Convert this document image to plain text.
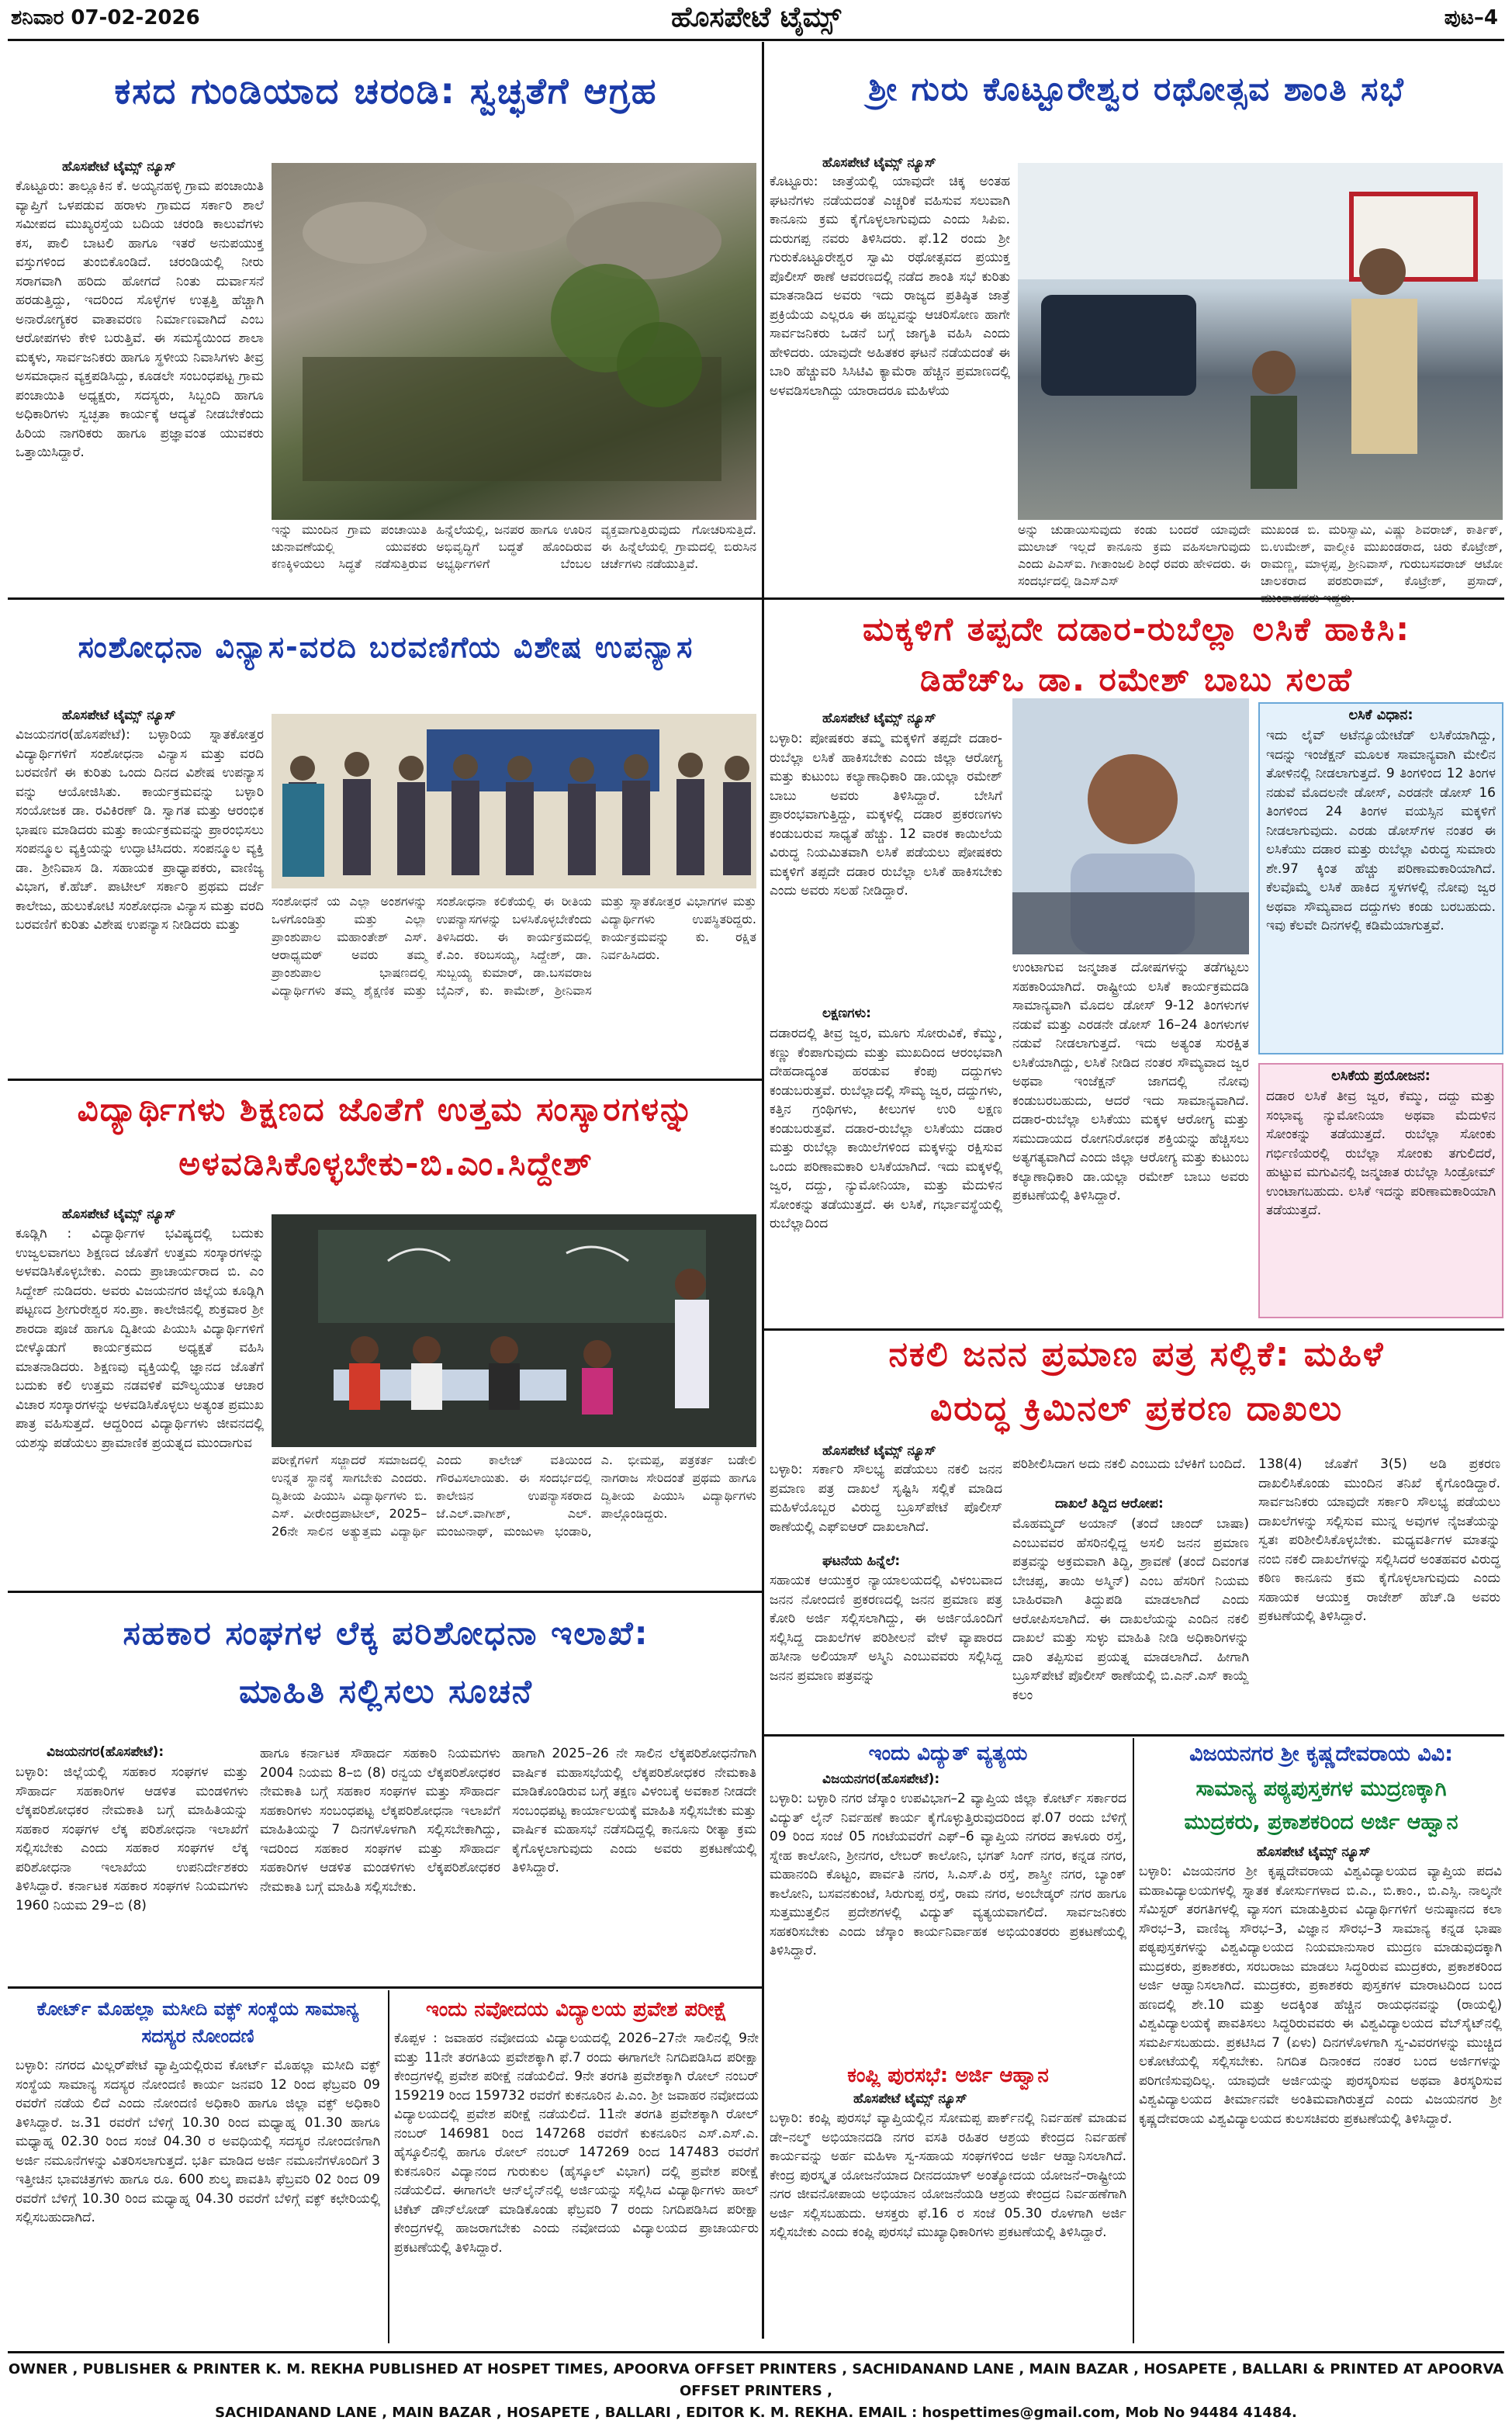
ಶನಿವಾರ 07-02-2026	ಹೊಸಪೇಟೆ ಟೈಮ್ಸ್	ಪುಟ–4
ಕಸದ ಗುಂಡಿಯಾದ ಚರಂಡಿ: ಸ್ವಚ್ಛತೆಗೆ ಆಗ್ರಹ
ಹೊಸಪೇಟೆ ಟೈಮ್ಸ್ ನ್ಯೂಸ್
ಕೊಟ್ಟೂರು: ತಾಲ್ಲೂಕಿನ ಕೆ. ಅಯ್ಯನಹಳ್ಳಿ ಗ್ರಾಮ ಪಂಚಾಯಿತಿ ವ್ಯಾಪ್ತಿಗೆ ಒಳಪಡುವ ಹರಾಳು ಗ್ರಾಮದ ಸರ್ಕಾರಿ ಶಾಲೆ ಸಮೀಪದ ಮುಖ್ಯರಸ್ತೆಯ ಬದಿಯ ಚರಂಡಿ ಕಾಲುವೆಗಳು ಕಸ, ಪಾಲಿ ಬಾಟಲಿ ಹಾಗೂ ಇತರೆ ಅನುಪಯುಕ್ತ ವಸ್ತುಗಳಿಂದ ತುಂಬಿಕೊಂಡಿದೆ. ಚರಂಡಿಯಲ್ಲಿ ನೀರು ಸರಾಗವಾಗಿ ಹರಿದು ಹೋಗದೆ ನಿಂತು ದುರ್ವಾಸನೆ ಹರಡುತ್ತಿದ್ದು, ಇದರಿಂದ ಸೊಳ್ಳೆಗಳ ಉತ್ಪತ್ತಿ ಹೆಚ್ಚಾಗಿ ಅನಾರೋಗ್ಯಕರ ವಾತಾವರಣ ನಿರ್ಮಾಣವಾಗಿದೆ ಎಂಬ ಆರೋಪಗಳು ಕೇಳಿ ಬರುತ್ತಿವೆ. ಈ ಸಮಸ್ಯೆಯಿಂದ ಶಾಲಾ ಮಕ್ಕಳು, ಸಾರ್ವಜನಿಕರು ಹಾಗೂ ಸ್ಥಳೀಯ ನಿವಾಸಿಗಳು ತೀವ್ರ ಅಸಮಾಧಾನ ವ್ಯಕ್ತಪಡಿಸಿದ್ದು, ಕೂಡಲೇ ಸಂಬಂಧಪಟ್ಟ ಗ್ರಾಮ ಪಂಚಾಯಿತಿ ಅಧ್ಯಕ್ಷರು, ಸದಸ್ಯರು, ಸಿಬ್ಬಂದಿ ಹಾಗೂ ಅಧಿಕಾರಿಗಳು ಸ್ವಚ್ಛತಾ ಕಾರ್ಯಕ್ಕೆ ಆದ್ಯತೆ ನೀಡಬೇಕೆಂದು ಹಿರಿಯ ನಾಗರಿಕರು ಹಾಗೂ ಪ್ರಜ್ಞಾವಂತ ಯುವಕರು ಒತ್ತಾಯಿಸಿದ್ದಾರೆ.
ಇನ್ನು ಮುಂದಿನ ಗ್ರಾಮ ಪಂಚಾಯಿತಿ ಚುನಾವಣೆಯಲ್ಲಿ ಯುವಕರು ಕಣಕ್ಕಿಳಿಯಲು ಸಿದ್ಧತೆ ನಡೆಸುತ್ತಿರುವ ಹಿನ್ನೆಲೆಯಲ್ಲಿ, ಜನಪರ ಹಾಗೂ ಊರಿನ ಅಭಿವೃದ್ಧಿಗೆ ಬದ್ಧತೆ ಹೊಂದಿರುವ ಅಭ್ಯರ್ಥಿಗಳಿಗೆ ಬೆಂಬಲ ವ್ಯಕ್ತವಾಗುತ್ತಿರುವುದು ಗೋಚರಿಸುತ್ತಿದೆ. ಈ ಹಿನ್ನೆಲೆಯಲ್ಲಿ ಗ್ರಾಮದಲ್ಲಿ ಬಿರುಸಿನ ಚರ್ಚೆಗಳು ನಡೆಯುತ್ತಿವೆ.
ಶ್ರೀ ಗುರು ಕೊಟ್ಟೂರೇಶ್ವರ ರಥೋತ್ಸವ ಶಾಂತಿ ಸಭೆ
ಹೊಸಪೇಟೆ ಟೈಮ್ಸ್ ನ್ಯೂಸ್
ಕೊಟ್ಟೂರು: ಜಾತ್ರೆಯಲ್ಲಿ ಯಾವುದೇ ಚಿಕ್ಕ ಅಂತಹ ಘಟನೆಗಳು ನಡೆಯದಂತೆ ಎಚ್ಚರಿಕೆ ವಹಿಸುವ ಸಲುವಾಗಿ ಕಾನೂನು ಕ್ರಮ ಕೈಗೊಳ್ಳಲಾಗುವುದು ಎಂದು ಸಿಪಿಐ. ದುರುಗಪ್ಪ ನವರು ತಿಳಿಸಿದರು. ಫೆ.12 ರಂದು ಶ್ರೀ ಗುರುಕೊಟ್ಟೂರೇಶ್ವರ ಸ್ವಾಮಿ ರಥೋತ್ಸವದ ಪ್ರಯುಕ್ತ ಪೊಲೀಸ್ ಠಾಣೆ ಆವರಣದಲ್ಲಿ ನಡೆದ ಶಾಂತಿ ಸಭೆ ಕುರಿತು ಮಾತನಾಡಿದ ಅವರು ಇದು ರಾಜ್ಯದ ಪ್ರತಿಷ್ಠಿತ ಜಾತ್ರೆ ಪ್ರಕ್ರಿಯೆಯ ಎಲ್ಲರೂ ಈ ಹಬ್ಬವನ್ನು ಆಚರಿಸೋಣ ಹಾಗೇ ಸಾರ್ವಜನಿಕರು ಒಡನೆ ಬಗ್ಗೆ ಜಾಗೃತಿ ವಹಿಸಿ ಎಂದು ಹೇಳಿದರು. ಯಾವುದೇ ಅಹಿತಕರ ಘಟನೆ ನಡೆಯದಂತೆ ಈ ಬಾರಿ ಹೆಚ್ಚುವರಿ ಸಿಸಿಟಿವಿ ಕ್ಯಾಮೆರಾ ಹೆಚ್ಚಿನ ಪ್ರಮಾಣದಲ್ಲಿ ಅಳವಡಿಸಲಾಗಿದ್ದು ಯಾರಾದರೂ ಮಹಿಳೆಯ
ಅನ್ನು ಚುಡಾಯಿಸುವುದು ಕಂಡು ಬಂದರೆ ಯಾವುದೇ ಮುಲಾಜ್ ಇಲ್ಲದೆ ಕಾನೂನು ಕ್ರಮ ವಹಿಸಲಾಗುವುದು ಎಂದು ಪಿಎಸ್ಐ. ಗೀತಾಂಜಲಿ ಶಿಂಧೆ ರವರು ಹೇಳಿದರು. ಈ ಸಂದರ್ಭದಲ್ಲಿ ಡಿಎಸ್ಎಸ್
ಮುಖಂಡ ಬಿ. ಮರಿಸ್ವಾಮಿ, ವಿಷ್ಣು ಶಿವರಾಜ್, ಕಾರ್ತಿಕ್, ಬಿ.ಉಮೇಶ್, ವಾಲ್ಮೀಕಿ ಮುಖಂಡರಾದ, ಚಿರು ಕೊಟ್ರೇಶ್, ರಾಮಣ್ಣ, ಮಾಳ್ಳಪ್ಪ, ಶ್ರೀನಿವಾಸ್, ಗುರುಬಸವರಾಜ್ ಆಟೋ ಚಾಲಕರಾದ ಪರಶುರಾಮ್, ಕೊಟ್ರೇಶ್, ಪ್ರಸಾದ್,
ಮಕ್ಕಳಿಗೆ ತಪ್ಪದೇ ದಡಾರ-ರುಬೆಲ್ಲಾ ಲಸಿಕೆ ಹಾಕಿಸಿ:
ಡಿಹೆಚ್‌ಒ ಡಾ. ರಮೇಶ್ ಬಾಬು ಸಲಹೆ
ಹೊಸಪೇಟೆ ಟೈಮ್ಸ್ ನ್ಯೂಸ್
ಬಳ್ಳಾರಿ: ಪೋಷಕರು ತಮ್ಮ ಮಕ್ಕಳಿಗೆ ತಪ್ಪದೇ ದಡಾರ-ರುಬೆಲ್ಲಾ ಲಸಿಕೆ ಹಾಕಿಸಬೇಕು ಎಂದು ಜಿಲ್ಲಾ ಆರೋಗ್ಯ ಮತ್ತು ಕುಟುಂಬ ಕಲ್ಯಾಣಾಧಿಕಾರಿ ಡಾ.ಯಲ್ಲಾ ರಮೇಶ್ ಬಾಬು ಅವರು ತಿಳಿಸಿದ್ದಾರೆ. ಬೇಸಿಗೆ ಪ್ರಾರಂಭವಾಗುತ್ತಿದ್ದು, ಮಕ್ಕಳಲ್ಲಿ ದಡಾರ ಪ್ರಕರಣಗಳು ಕಂಡುಬರುವ ಸಾಧ್ಯತೆ ಹೆಚ್ಚು. 12 ವಾರಕ ಕಾಯಿಲೆಯ ವಿರುದ್ಧ ನಿಯಮಿತವಾಗಿ ಲಸಿಕೆ ಪಡೆಯಲು ಪೋಷಕರು ಮಕ್ಕಳಿಗೆ ತಪ್ಪದೇ ದಡಾರ ರುಬೆಲ್ಲಾ ಲಸಿಕೆ ಹಾಕಿಸಬೇಕು ಎಂದು ಅವರು ಸಲಹೆ ನೀಡಿದ್ದಾರೆ.
ಲಕ್ಷಣಗಳು:
ದಡಾರದಲ್ಲಿ ತೀವ್ರ ಜ್ವರ, ಮೂಗು ಸೋರುವಿಕೆ, ಕೆಮ್ಮು, ಕಣ್ಣು ಕೆಂಪಾಗುವುದು ಮತ್ತು ಮುಖದಿಂದ ಆರಂಭವಾಗಿ ದೇಹದಾದ್ಯಂತ ಹರಡುವ ಕೆಂಪು ದದ್ದುಗಳು ಕಂಡುಬರುತ್ತವೆ. ರುಬೆಲ್ಲಾದಲ್ಲಿ ಸೌಮ್ಯ ಜ್ವರ, ದದ್ದುಗಳು, ಕತ್ತಿನ ಗ್ರಂಥಿಗಳು, ಕೀಲುಗಳ ಉರಿ ಲಕ್ಷಣ ಕಂಡುಬರುತ್ತವೆ. ದಡಾರ-ರುಬೆಲ್ಲಾ ಲಸಿಕೆಯು ದಡಾರ ಮತ್ತು ರುಬೆಲ್ಲಾ ಕಾಯಿಲೆಗಳಿಂದ ಮಕ್ಕಳನ್ನು ರಕ್ಷಿಸುವ ಒಂದು ಪರಿಣಾಮಕಾರಿ ಲಸಿಕೆಯಾಗಿದೆ. ಇದು ಮಕ್ಕಳಲ್ಲಿ ಜ್ವರ, ದದ್ದು, ನ್ಯುಮೋನಿಯಾ, ಮತ್ತು ಮೆದುಳಿನ ಸೋಂಕನ್ನು ತಡೆಯುತ್ತದೆ. ಈ ಲಸಿಕೆ, ಗರ್ಭಾವಸ್ಥೆಯಲ್ಲಿ ರುಬೆಲ್ಲಾದಿಂದ
ಉಂಟಾಗುವ ಜನ್ಮಜಾತ ದೋಷಗಳನ್ನು ತಡೆಗಟ್ಟಲು ಸಹಕಾರಿಯಾಗಿದೆ. ರಾಷ್ಟ್ರೀಯ ಲಸಿಕೆ ಕಾರ್ಯಕ್ರಮದಡಿ ಸಾಮಾನ್ಯವಾಗಿ ಮೊದಲ ಡೋಸ್ 9-12 ತಿಂಗಳುಗಳ ನಡುವೆ ಮತ್ತು ಎರಡನೇ ಡೋಸ್ 16–24 ತಿಂಗಳುಗಳ ನಡುವೆ ನೀಡಲಾಗುತ್ತದೆ. ಇದು ಅತ್ಯಂತ ಸುರಕ್ಷಿತ ಲಸಿಕೆಯಾಗಿದ್ದು, ಲಸಿಕೆ ನೀಡಿದ ನಂತರ ಸೌಮ್ಯವಾದ ಜ್ವರ ಅಥವಾ ಇಂಜೆಕ್ಷನ್ ಜಾಗದಲ್ಲಿ ನೋವು ಕಂಡುಬರಬಹುದು, ಆದರೆ ಇದು ಸಾಮಾನ್ಯವಾಗಿದೆ. ದಡಾರ-ರುಬೆಲ್ಲಾ ಲಸಿಕೆಯು ಮಕ್ಕಳ ಆರೋಗ್ಯ ಮತ್ತು ಸಮುದಾಯದ ರೋಗನಿರೋಧಕ ಶಕ್ತಿಯನ್ನು ಹೆಚ್ಚಿಸಲು ಅತ್ಯಗತ್ಯವಾಗಿದೆ ಎಂದು ಜಿಲ್ಲಾ ಆರೋಗ್ಯ ಮತ್ತು ಕುಟುಂಬ ಕಲ್ಯಾಣಾಧಿಕಾರಿ ಡಾ.ಯಲ್ಲಾ ರಮೇಶ್ ಬಾಬು ಅವರು ಪ್ರಕಟಣೆಯಲ್ಲಿ ತಿಳಿಸಿದ್ದಾರೆ.
ಲಸಿಕೆ ವಿಧಾನ:
ಇದು ಲೈವ್ ಅಟೆನ್ಯೂಯೇಟೆಡ್ ಲಸಿಕೆಯಾಗಿದ್ದು, ಇದನ್ನು ಇಂಜೆಕ್ಷನ್ ಮೂಲಕ ಸಾಮಾನ್ಯವಾಗಿ ಮೇಲಿನ ತೋಳಿನಲ್ಲಿ ನೀಡಲಾಗುತ್ತದೆ. 9 ತಿಂಗಳಿಂದ 12 ತಿಂಗಳ ನಡುವೆ ಮೊದಲನೇ ಡೋಸ್, ಎರಡನೇ ಡೋಸ್ 16 ತಿಂಗಳಿಂದ 24 ತಿಂಗಳ ವಯಸ್ಸಿನ ಮಕ್ಕಳಿಗೆ ನೀಡಲಾಗುವುದು. ಎರಡು ಡೋಸ್‌ಗಳ ನಂತರ ಈ ಲಸಿಕೆಯು ದಡಾರ ಮತ್ತು ರುಬೆಲ್ಲಾ ವಿರುದ್ಧ ಸುಮಾರು ಶೇ.97 ಕ್ಕಿಂತ ಹೆಚ್ಚು ಪರಿಣಾಮಕಾರಿಯಾಗಿದೆ. ಕೆಲವೊಮ್ಮೆ ಲಸಿಕೆ ಹಾಕಿದ ಸ್ಥಳಗಳಲ್ಲಿ ನೋವು ಜ್ವರ ಅಥವಾ ಸೌಮ್ಯವಾದ ದದ್ದುಗಳು ಕಂಡು ಬರಬಹುದು. ಇವು ಕೆಲವೇ ದಿನಗಳಲ್ಲಿ ಕಡಿಮೆಯಾಗುತ್ತವೆ.
ಲಸಿಕೆಯ ಪ್ರಯೋಜನ:
ದಡಾರ ಲಸಿಕೆ ತೀವ್ರ ಜ್ವರ, ಕೆಮ್ಮು, ದದ್ದು ಮತ್ತು ಸಂಭಾವ್ಯ ನ್ಯುಮೋನಿಯಾ ಅಥವಾ ಮೆದುಳಿನ ಸೋಂಕನ್ನು ತಡೆಯುತ್ತದೆ. ರುಬೆಲ್ಲಾ ಸೋಂಕು ಗರ್ಭಿಣಿಯರಲ್ಲಿ ರುಬೆಲ್ಲಾ ಸೋಂಕು ತಗುಲಿದರೆ, ಹುಟ್ಟುವ ಮಗುವಿನಲ್ಲಿ ಜನ್ಮಜಾತ ರುಬೆಲ್ಲಾ ಸಿಂಡ್ರೋಮ್ ಉಂಟಾಗಬಹುದು. ಲಸಿಕೆ ಇದನ್ನು ಪರಿಣಾಮಕಾರಿಯಾಗಿ ತಡೆಯುತ್ತದೆ.
ಸಂಶೋಧನಾ ವಿನ್ಯಾಸ-ವರದಿ ಬರವಣಿಗೆಯ ವಿಶೇಷ ಉಪನ್ಯಾಸ
ಹೊಸಪೇಟೆ ಟೈಮ್ಸ್ ನ್ಯೂಸ್
ವಿಜಯನಗರ(ಹೊಸಪೇಟೆ): ಬಳ್ಳಾರಿಯ ಸ್ನಾತಕೋತ್ತರ ವಿದ್ಯಾರ್ಥಿಗಳಿಗೆ ಸಂಶೋಧನಾ ವಿನ್ಯಾಸ ಮತ್ತು ವರದಿ ಬರವಣಿಗೆ ಈ ಕುರಿತು ಒಂದು ದಿನದ ವಿಶೇಷ ಉಪನ್ಯಾಸ ವನ್ನು ಆಯೋಜಿಸಿತು. ಕಾರ್ಯಕ್ರಮವನ್ನು ಬಳ್ಳಾರಿ ಸಂಯೋಜಕ ಡಾ. ರವಿಕಿರಣ್ ಡಿ. ಸ್ವಾಗತ ಮತ್ತು ಆರಂಭಿಕ ಭಾಷಣ ಮಾಡಿದರು ಮತ್ತು ಕಾರ್ಯಕ್ರಮವನ್ನು ಪ್ರಾರಂಭಿಸಲು ಸಂಪನ್ಮೂಲ ವ್ಯಕ್ತಿಯನ್ನು ಉದ್ಘಾಟಿಸಿದರು. ಸಂಪನ್ಮೂಲ ವ್ಯಕ್ತಿ ಡಾ. ಶ್ರೀನಿವಾಸ ಡಿ. ಸಹಾಯಕ ಪ್ರಾಧ್ಯಾಪಕರು, ವಾಣಿಜ್ಯ ವಿಭಾಗ, ಕೆ.ಹೆಚ್. ಪಾಟೀಲ್ ಸರ್ಕಾರಿ ಪ್ರಥಮ ದರ್ಜೆ ಕಾಲೇಜು, ಹುಲುಕೋಟಿ ಸಂಶೋಧನಾ ವಿನ್ಯಾಸ ಮತ್ತು ವರದಿ ಬರವಣಿಗೆ ಕುರಿತು ವಿಶೇಷ ಉಪನ್ಯಾಸ ನೀಡಿದರು ಮತ್ತು
ಸಂಶೋಧನೆ ಯ ಎಲ್ಲಾ ಅಂಶಗಳನ್ನು ಒಳಗೊಂಡಿತ್ತು ಮತ್ತು ಎಲ್ಲಾ ಪ್ರಾಂಶುಪಾಲ ಮಹಾಂತೇಶ್ ಎಸ್. ಆರಾಧ್ಯಮಠ್ ಅವರು ತಮ್ಮ ಪ್ರಾಂಶುಪಾಲ ಭಾಷಣದಲ್ಲಿ ವಿದ್ಯಾರ್ಥಿಗಳು ತಮ್ಮ ಶೈಕ್ಷಣಿಕ ಮತ್ತು ಸಂಶೋಧನಾ ಕಲಿಕೆಯಲ್ಲಿ ಈ ರೀತಿಯ ಉಪನ್ಯಾಸಗಳನ್ನು ಬಳಸಿಕೊಳ್ಳಬೇಕೆಂದು ತಿಳಿಸಿದರು. ಈ ಕಾರ್ಯಕ್ರಮದಲ್ಲಿ ಕೆ.ಎಂ. ಕರಿಬಸಯ್ಯ, ಸಿದ್ದೇಶ್, ಡಾ. ಸುಬ್ಬಯ್ಯ ಕುಮಾರ್, ಡಾ.ಬಸವರಾಜ ಬೈಎನ್, ಕು. ಕಾಮೇಶ್, ಶ್ರೀನಿವಾಸ ಮತ್ತು ಸ್ನಾತಕೋತ್ತರ ವಿಭಾಗಗಳ ಮತ್ತು ವಿದ್ಯಾರ್ಥಿಗಳು ಉಪಸ್ಥಿತರಿದ್ದರು. ಕಾರ್ಯಕ್ರಮವನ್ನು ಕು. ರಕ್ಷಿತ ನಿರ್ವಹಿಸಿದರು.
ವಿದ್ಯಾರ್ಥಿಗಳು ಶಿಕ್ಷಣದ ಜೊತೆಗೆ ಉತ್ತಮ ಸಂಸ್ಕಾರಗಳನ್ನು
ಅಳವಡಿಸಿಕೊಳ್ಳಬೇಕು-ಬಿ.ಎಂ.ಸಿದ್ದೇಶ್
ಹೊಸಪೇಟೆ ಟೈಮ್ಸ್ ನ್ಯೂಸ್
ಕೂಡ್ಲಿಗಿ : ವಿದ್ಯಾರ್ಥಿಗಳ ಭವಿಷ್ಯದಲ್ಲಿ ಬದುಕು ಉಜ್ವಲವಾಗಲು ಶಿಕ್ಷಣದ ಜೊತೆಗೆ ಉತ್ತಮ ಸಂಸ್ಕಾರಗಳನ್ನು ಅಳವಡಿಸಿಕೊಳ್ಳಬೇಕು. ಎಂದು ಪ್ರಾಚಾರ್ಯರಾದ ಬಿ. ಎಂ ಸಿದ್ದೇಶ್ ನುಡಿದರು. ಅವರು ವಿಜಯನಗರ ಜಿಲ್ಲೆಯ ಕೂಡ್ಲಿಗಿ ಪಟ್ಟಣದ ಶ್ರೀಗುರೇಶ್ವರ ಸಂ.ಪ್ರಾ. ಕಾಲೇಜಿನಲ್ಲಿ ಶುಕ್ರವಾರ ಶ್ರೀ ಶಾರದಾ ಪೂಜೆ ಹಾಗೂ ದ್ವಿತೀಯ ಪಿಯುಸಿ ವಿದ್ಯಾರ್ಥಿಗಳಿಗೆ ಬೀಳ್ಕೊಡುಗೆ ಕಾರ್ಯಕ್ರಮದ ಅಧ್ಯಕ್ಷತೆ ವಹಿಸಿ ಮಾತನಾಡಿದರು. ಶಿಕ್ಷಣವು ವ್ಯಕ್ತಿಯಲ್ಲಿ ಜ್ಞಾನದ ಜೊತೆಗೆ ಬದುಕು ಕಲಿ ಉತ್ತಮ ನಡವಳಿಕೆ ಮೌಲ್ಯಯುತ ಆಚಾರ ವಿಚಾರ ಸಂಸ್ಕಾರಗಳನ್ನು ಅಳವಡಿಸಿಕೊಳ್ಳಲು ಅತ್ಯಂತ ಪ್ರಮುಖ ಪಾತ್ರ ವಹಿಸುತ್ತದೆ. ಆದ್ದರಿಂದ ವಿದ್ಯಾರ್ಥಿಗಳು ಜೀವನದಲ್ಲಿ ಯಶಸ್ಸು ಪಡೆಯಲು ಪ್ರಾಮಾಣಿಕ ಪ್ರಯತ್ನದ ಮುಂದಾಗುವ
ಪರೀಕ್ಷೆಗಳಿಗೆ ಸಜ್ಜಾದರೆ ಸಮಾಜದಲ್ಲಿ ಉನ್ನತ ಸ್ಥಾನಕ್ಕೆ ಸಾಗಬೇಕು ಎಂದರು. ದ್ವಿತೀಯ ಪಿಯುಸಿ ವಿದ್ಯಾರ್ಥಿಗಳು ಬಿ. ಎಸ್. ವೀರೇಂದ್ರಪಾಟೀಲ್, 2025–26ನೇ ಸಾಲಿನ ಅತ್ಯುತ್ತಮ ವಿದ್ಯಾರ್ಥಿ ಎಂದು ಕಾಲೇಜ್ ವತಿಯಿಂದ ಗೌರವಿಸಲಾಯಿತು. ಈ ಸಂದರ್ಭದಲ್ಲಿ ಕಾಲೇಜಿನ ಉಪನ್ಯಾಸಕರಾದ ಜೆ.ಎಲ್.ವಾಗೀಶ್, ಎಲ್. ಮಂಜುನಾಥ್, ಮಂಜುಳಾ ಭಂಡಾರಿ, ಎ. ಭೀಮಪ್ಪ, ಪತ್ರಕರ್ತ ಬಡೇಲಿ ನಾಗರಾಜ ಸೇರಿದಂತೆ ಪ್ರಥಮ ಹಾಗೂ ದ್ವಿತೀಯ ಪಿಯುಸಿ ವಿದ್ಯಾರ್ಥಿಗಳು ಪಾಲ್ಗೊಂಡಿದ್ದರು.
ನಕಲಿ ಜನನ ಪ್ರಮಾಣ ಪತ್ರ ಸಲ್ಲಿಕೆ: ಮಹಿಳೆ
ವಿರುದ್ಧ ಕ್ರಿಮಿನಲ್ ಪ್ರಕರಣ ದಾಖಲು
ಹೊಸಪೇಟೆ ಟೈಮ್ಸ್ ನ್ಯೂಸ್
ಬಳ್ಳಾರಿ: ಸರ್ಕಾರಿ ಸೌಲಭ್ಯ ಪಡೆಯಲು ನಕಲಿ ಜನನ ಪ್ರಮಾಣ ಪತ್ರ ದಾಖಲೆ ಸೃಷ್ಟಿಸಿ ಸಲ್ಲಿಕೆ ಮಾಡಿದ ಮಹಿಳೆಯೊಬ್ಬರ ವಿರುದ್ಧ ಬ್ರೂಸ್‌ಪೇಟೆ ಪೊಲೀಸ್ ಠಾಣೆಯಲ್ಲಿ ಎಫ್‌ಐಆರ್ ದಾಖಲಾಗಿದೆ.
ಘಟನೆಯ ಹಿನ್ನೆಲೆ:
ಸಹಾಯಕ ಆಯುಕ್ತರ ನ್ಯಾಯಾಲಯದಲ್ಲಿ ವಿಳಂಬವಾದ ಜನನ ನೋಂದಣಿ ಪ್ರಕರಣದಲ್ಲಿ ಜನನ ಪ್ರಮಾಣ ಪತ್ರ ಕೋರಿ ಅರ್ಜಿ ಸಲ್ಲಿಸಲಾಗಿದ್ದು, ಈ ಅರ್ಜಿಯೊಂದಿಗೆ ಸಲ್ಲಿಸಿದ್ದ ದಾಖಲೆಗಳ ಪರಿಶೀಲನೆ ವೇಳೆ ವ್ಯಾಪಾರದ ಹಸೀನಾ ಅಲಿಯಾಸ್ ಅಸ್ಮಿನಿ ಎಂಬುವವರು ಸಲ್ಲಿಸಿದ್ದ ಜನನ ಪ್ರಮಾಣ ಪತ್ರವನ್ನು
ಪರಿಶೀಲಿಸಿದಾಗ ಅದು ನಕಲಿ ಎಂಬುದು ಬೆಳಕಿಗೆ ಬಂದಿದೆ.
ದಾಖಲೆ ತಿದ್ದಿದ ಆರೋಪ:
ಮೊಹಮ್ಮದ್ ಅಯಾನ್ (ತಂದೆ ಚಾಂದ್ ಬಾಷಾ) ಎಂಬುವವರ ಹೆಸರಿನಲ್ಲಿದ್ದ ಅಸಲಿ ಜನನ ಪ್ರಮಾಣ ಪತ್ರವನ್ನು ಅಕ್ರಮವಾಗಿ ತಿದ್ದಿ, ಶ್ರಾವಣೆ (ತಂದೆ ದಿವಂಗತ ಬೇಚಪ್ಪ, ತಾಯಿ ಅಸ್ಮಿನ್) ಎಂಬ ಹೆಸರಿಗೆ ನಿಯಮ ಬಾಹಿರವಾಗಿ ತಿದ್ದುಪಡಿ ಮಾಡಲಾಗಿದೆ ಎಂದು ಆರೋಪಿಸಲಾಗಿದೆ. ಈ ದಾಖಲೆಯನ್ನು ಎಂದಿನ ನಕಲಿ ದಾಖಲೆ ಮತ್ತು ಸುಳ್ಳು ಮಾಹಿತಿ ನೀಡಿ ಅಧಿಕಾರಿಗಳನ್ನು ದಾರಿ ತಪ್ಪಿಸುವ ಪ್ರಯತ್ನ ಮಾಡಲಾಗಿದೆ. ಹೀಗಾಗಿ ಬ್ರೂಸ್‌ಪೇಟೆ ಪೊಲೀಸ್ ಠಾಣೆಯಲ್ಲಿ ಬಿ.ಎನ್.ಎಸ್ ಕಾಯ್ದೆ ಕಲಂ
138(4) ಜೊತೆಗೆ 3(5) ಅಡಿ ಪ್ರಕರಣ ದಾಖಲಿಸಿಕೊಂಡು ಮುಂದಿನ ತನಿಖೆ ಕೈಗೊಂಡಿದ್ದಾರೆ. ಸಾರ್ವಜನಿಕರು ಯಾವುದೇ ಸರ್ಕಾರಿ ಸೌಲಭ್ಯ ಪಡೆಯಲು ದಾಖಲೆಗಳನ್ನು ಸಲ್ಲಿಸುವ ಮುನ್ನ ಅವುಗಳ ನೈಜತೆಯನ್ನು ಸ್ವತಃ ಪರಿಶೀಲಿಸಿಕೊಳ್ಳಬೇಕು. ಮಧ್ಯವರ್ತಿಗಳ ಮಾತನ್ನು ನಂಬಿ ನಕಲಿ ದಾಖಲೆಗಳನ್ನು ಸಲ್ಲಿಸಿದರೆ ಅಂತಹವರ ವಿರುದ್ಧ ಕಠಿಣ ಕಾನೂನು ಕ್ರಮ ಕೈಗೊಳ್ಳಲಾಗುವುದು ಎಂದು ಸಹಾಯಕ ಆಯುಕ್ತ ರಾಜೇಶ್ ಹೆಚ್.ಡಿ ಅವರು ಪ್ರಕಟಣೆಯಲ್ಲಿ ತಿಳಿಸಿದ್ದಾರೆ.
ಸಹಕಾರ ಸಂಘಗಳ ಲೆಕ್ಕ ಪರಿಶೋಧನಾ ಇಲಾಖೆ:
ಮಾಹಿತಿ ಸಲ್ಲಿಸಲು ಸೂಚನೆ
ವಿಜಯನಗರ(ಹೊಸಪೇಟೆ):
ಬಳ್ಳಾರಿ: ಜಿಲ್ಲೆಯಲ್ಲಿ ಸಹಕಾರ ಸಂಘಗಳ ಮತ್ತು ಸೌಹಾರ್ದ ಸಹಕಾರಿಗಳ ಆಡಳಿತ ಮಂಡಳಿಗಳು ಲೆಕ್ಕಪರಿಶೋಧಕರ ನೇಮಕಾತಿ ಬಗ್ಗೆ ಮಾಹಿತಿಯನ್ನು ಸಹಕಾರ ಸಂಘಗಳ ಲೆಕ್ಕ ಪರಿಶೋಧನಾ ಇಲಾಖೆಗೆ ಸಲ್ಲಿಸಬೇಕು ಎಂದು ಸಹಕಾರ ಸಂಘಗಳ ಲೆಕ್ಕ ಪರಿಶೋಧನಾ ಇಲಾಖೆಯ ಉಪನಿರ್ದೇಶಕರು ತಿಳಿಸಿದ್ದಾರೆ. ಕರ್ನಾಟಕ ಸಹಕಾರ ಸಂಘಗಳ ನಿಯಮಗಳು 1960 ನಿಯಮ 29–ಬಿ (8)
ಹಾಗೂ ಕರ್ನಾಟಕ ಸೌಹಾರ್ದ ಸಹಕಾರಿ ನಿಯಮಗಳು 2004 ನಿಯಮ 8–ಬಿ (8) ರನ್ವಯ ಲೆಕ್ಕಪರಿಶೋಧಕರ ನೇಮಕಾತಿ ಬಗ್ಗೆ ಸಹಕಾರ ಸಂಘಗಳ ಮತ್ತು ಸೌಹಾರ್ದ ಸಹಕಾರಿಗಳು ಸಂಬಂಧಪಟ್ಟ ಲೆಕ್ಕಪರಿಶೋಧನಾ ಇಲಾಖೆಗೆ ಮಾಹಿತಿಯನ್ನು 7 ದಿನಗಳೊಳಗಾಗಿ ಸಲ್ಲಿಸಬೇಕಾಗಿದ್ದು, ಇದರಿಂದ ಸಹಕಾರ ಸಂಘಗಳ ಮತ್ತು ಸೌಹಾರ್ದ ಸಹಕಾರಿಗಳ ಆಡಳಿತ ಮಂಡಳಿಗಳು ಲೆಕ್ಕಪರಿಶೋಧಕರ ನೇಮಕಾತಿ ಬಗ್ಗೆ ಮಾಹಿತಿ ಸಲ್ಲಿಸಬೇಕು.
ಹಾಗಾಗಿ 2025–26 ನೇ ಸಾಲಿನ ಲೆಕ್ಕಪರಿಶೋಧನೆಗಾಗಿ ವಾರ್ಷಿಕ ಮಹಾಸಭೆಯಲ್ಲಿ ಲೆಕ್ಕಪರಿಶೋಧಕರ ನೇಮಕಾತಿ ಮಾಡಿಕೊಂಡಿರುವ ಬಗ್ಗೆ ತಕ್ಷಣ ವಿಳಂಬಕ್ಕೆ ಅವಕಾಶ ನೀಡದೇ ಸಂಬಂಧಪಟ್ಟ ಕಾರ್ಯಾಲಯಕ್ಕೆ ಮಾಹಿತಿ ಸಲ್ಲಿಸಬೇಕು ಮತ್ತು ವಾರ್ಷಿಕ ಮಹಾಸಭೆ ನಡೆಸದಿದ್ದಲ್ಲಿ ಕಾನೂನು ರೀತ್ಯಾ ಕ್ರಮ ಕೈಗೊಳ್ಳಲಾಗುವುದು ಎಂದು ಅವರು ಪ್ರಕಟಣೆಯಲ್ಲಿ ತಿಳಿಸಿದ್ದಾರೆ.
ಇಂದು ವಿದ್ಯುತ್ ವ್ಯತ್ಯಯ
ವಿಜಯನಗರ(ಹೊಸಪೇಟೆ):
ಬಳ್ಳಾರಿ: ಬಳ್ಳಾರಿ ನಗರ ಜೆಸ್ಕಾಂ ಉಪವಿಭಾಗ–2 ವ್ಯಾಪ್ತಿಯ ಜಿಲ್ಲಾ ಕೋರ್ಟ್ ಸರ್ಕಾರದ ವಿದ್ಯುತ್ ಲೈನ್ ನಿರ್ವಹಣೆ ಕಾರ್ಯ ಕೈಗೊಳ್ಳುತ್ತಿರುವುದರಿಂದ ಫೆ.07 ರಂದು ಬೆಳಿಗ್ಗೆ 09 ರಿಂದ ಸಂಜೆ 05 ಗಂಟೆಯವರೆಗೆ ಎಫ್–6 ವ್ಯಾಪ್ತಿಯ ನಗರದ ತಾಳೂರು ರಸ್ತೆ, ಸ್ನೇಹ ಕಾಲೋನಿ, ಶ್ರೀನಗರ, ಲೇಬರ್ ಕಾಲೋನಿ, ಭಗತ್ ಸಿಂಗ್ ನಗರ, ಕನ್ನಡ ನಗರ, ಮಹಾನಂದಿ ಕೊಟ್ಟಂ, ಪಾರ್ವತಿ ನಗರ, ಸಿ.ಎಸ್.ಪಿ ರಸ್ತೆ, ಶಾಸ್ತ್ರೀ ನಗರ, ಬ್ಯಾಂಕ್ ಕಾಲೋನಿ, ಬಸವನಕುಂಟೆ, ಸಿರುಗುಪ್ಪ ರಸ್ತೆ, ರಾಮ ನಗರ, ಅಂಬೇಡ್ಕರ್ ನಗರ ಹಾಗೂ ಸುತ್ತಮುತ್ತಲಿನ ಪ್ರದೇಶಗಳಲ್ಲಿ ವಿದ್ಯುತ್ ವ್ಯತ್ಯಯವಾಗಲಿದೆ. ಸಾರ್ವಜನಿಕರು ಸಹಕರಿಸಬೇಕು ಎಂದು ಜೆಸ್ಕಾಂ ಕಾರ್ಯನಿರ್ವಾಹಕ ಅಭಿಯಂತರರು ಪ್ರಕಟಣೆಯಲ್ಲಿ ತಿಳಿಸಿದ್ದಾರೆ.
ಕಂಪ್ಲಿ ಪುರಸಭೆ: ಅರ್ಜಿ ಆಹ್ವಾನ
ಹೊಸಪೇಟೆ ಟೈಮ್ಸ್ ನ್ಯೂಸ್
ಬಳ್ಳಾರಿ: ಕಂಪ್ಲಿ ಪುರಸಭೆ ವ್ಯಾಪ್ತಿಯಲ್ಲಿನ ಸೋಮಪ್ಪ ಪಾರ್ಕ್‌ನಲ್ಲಿ ನಿರ್ವಹಣೆ ಮಾಡುವ ಡೇ–ನಲ್ಮ್ ಅಭಿಯಾನದಡಿ ನಗರ ವಸತಿ ರಹಿತರ ಆಶ್ರಯ ಕೇಂದ್ರದ ನಿರ್ವಹಣೆ ಕಾರ್ಯವನ್ನು ಅರ್ಹ ಮಹಿಳಾ ಸ್ವ-ಸಹಾಯ ಸಂಘಗಳಿಂದ ಅರ್ಜಿ ಆಹ್ವಾನಿಸಲಾಗಿದೆ. ಕೇಂದ್ರ ಪುರಸ್ಕೃತ ಯೋಜನೆಯಾದ ದೀನದಯಾಳ್ ಅಂತ್ಯೋದಯ ಯೋಜನೆ–ರಾಷ್ಟ್ರೀಯ ನಗರ ಜೀವನೋಪಾಯ ಅಭಿಯಾನ ಯೋಜನೆಯಡಿ ಆಶ್ರಯ ಕೇಂದ್ರದ ನಿರ್ವಹಣೆಗಾಗಿ ಅರ್ಜಿ ಸಲ್ಲಿಸಬಹುದು. ಆಸಕ್ತರು ಫೆ.16 ರ ಸಂಜೆ 05.30 ರೊಳಗಾಗಿ ಅರ್ಜಿ ಸಲ್ಲಿಸಬೇಕು ಎಂದು ಕಂಪ್ಲಿ ಪುರಸಭೆ ಮುಖ್ಯಾಧಿಕಾರಿಗಳು ಪ್ರಕಟಣೆಯಲ್ಲಿ ತಿಳಿಸಿದ್ದಾರೆ.
ವಿಜಯನಗರ ಶ್ರೀ ಕೃಷ್ಣದೇವರಾಯ ವಿವಿ:
ಸಾಮಾನ್ಯ ಪಠ್ಯಪುಸ್ತಕಗಳ ಮುದ್ರಣಕ್ಕಾಗಿ
ಮುದ್ರಕರು, ಪ್ರಕಾಶಕರಿಂದ ಅರ್ಜಿ ಆಹ್ವಾನ
ಹೊಸಪೇಟೆ ಟೈಮ್ಸ್ ನ್ಯೂಸ್
ಬಳ್ಳಾರಿ: ವಿಜಯನಗರ ಶ್ರೀ ಕೃಷ್ಣದೇವರಾಯ ವಿಶ್ವವಿದ್ಯಾಲಯದ ವ್ಯಾಪ್ತಿಯ ಪದವಿ ಮಹಾವಿದ್ಯಾಲಯಗಳಲ್ಲಿ ಸ್ನಾತಕ ಕೋರ್ಸುಗಳಾದ ಬಿ.ಎ., ಬಿ.ಕಾಂ., ಬಿ.ಎಸ್ಸಿ. ನಾಲ್ಕನೇ ಸೆಮಿಸ್ಟರ್ ತರಗತಿಗಳಲ್ಲಿ ವ್ಯಾಸಂಗ ಮಾಡುತ್ತಿರುವ ವಿದ್ಯಾರ್ಥಿಗಳಿಗೆ ಅನುಷ್ಠಾನದ ಕಲಾ ಸೌರಭ–3, ವಾಣಿಜ್ಯ ಸೌರಭ–3, ವಿಜ್ಞಾನ ಸೌರಭ–3 ಸಾಮಾನ್ಯ ಕನ್ನಡ ಭಾಷಾ ಪಠ್ಯಪುಸ್ತಕಗಳನ್ನು ವಿಶ್ವವಿದ್ಯಾಲಯದ ನಿಯಮಾನುಸಾರ ಮುದ್ರಣ ಮಾಡುವುದಕ್ಕಾಗಿ ಮುದ್ರಕರು, ಪ್ರಕಾಶಕರು, ಸರಬರಾಜು ಮಾಡಲು ಸಿದ್ಧರಿರುವ ಮುದ್ರಕರು, ಪ್ರಕಾಶಕರಿಂದ ಅರ್ಜಿ ಆಹ್ವಾನಿಸಲಾಗಿದೆ. ಮುದ್ರಕರು, ಪ್ರಕಾಶಕರು ಪುಸ್ತಕಗಳ ಮಾರಾಟದಿಂದ ಬಂದ ಹಣದಲ್ಲಿ ಶೇ.10 ಮತ್ತು ಅದಕ್ಕಿಂತ ಹೆಚ್ಚಿನ ರಾಯಧನವನ್ನು (ರಾಯಲ್ಟಿ) ವಿಶ್ವವಿದ್ಯಾಲಯಕ್ಕೆ ಪಾವತಿಸಲು ಸಿದ್ಧರಿರುವವರು ಈ ವಿಶ್ವವಿದ್ಯಾಲಯದ ವೆಬ್‌ಸೈಟ್‌ನಲ್ಲಿ ಸಮರ್ಪಿಸಬಹುದು. ಪ್ರಕಟಿಸಿದ 7 (ಏಳು) ದಿನಗಳೊಳಗಾಗಿ ಸ್ವ-ವಿವರಗಳನ್ನು ಮುಚ್ಚಿದ ಲಕೋಟೆಯಲ್ಲಿ ಸಲ್ಲಿಸಬೇಕು. ನಿಗದಿತ ದಿನಾಂಕದ ನಂತರ ಬಂದ ಅರ್ಜಿಗಳನ್ನು ಪರಿಗಣಿಸುವುದಿಲ್ಲ. ಯಾವುದೇ ಅರ್ಜಿಯನ್ನು ಪುರಸ್ಕರಿಸುವ ಅಥವಾ ತಿರಸ್ಕರಿಸುವ ವಿಶ್ವವಿದ್ಯಾಲಯದ ತೀರ್ಮಾನವೇ ಅಂತಿಮವಾಗಿರುತ್ತದೆ ಎಂದು ವಿಜಯನಗರ ಶ್ರೀ ಕೃಷ್ಣದೇವರಾಯ ವಿಶ್ವವಿದ್ಯಾಲಯದ ಕುಲಸಚಿವರು ಪ್ರಕಟಣೆಯಲ್ಲಿ ತಿಳಿಸಿದ್ದಾರೆ.
ಕೋರ್ಟ್ ಮೊಹಲ್ಲಾ ಮಸೀದಿ ವಕ್ಫ್ ಸಂಸ್ಥೆಯ ಸಾಮಾನ್ಯ
ಸದಸ್ಯರ ನೋಂದಣಿ
ಬಳ್ಳಾರಿ: ನಗರದ ಮಿಲ್ಲರ್‌ಪೇಟೆ ವ್ಯಾಪ್ತಿಯಲ್ಲಿರುವ ಕೋರ್ಟ್ ಮೊಹಲ್ಲಾ ಮಸೀದಿ ವಕ್ಫ್ ಸಂಸ್ಥೆಯ ಸಾಮಾನ್ಯ ಸದಸ್ಯರ ನೋಂದಣಿ ಕಾರ್ಯ ಜನವರಿ 12 ರಿಂದ ಫೆಬ್ರವರಿ 09 ರವರೆಗೆ ನಡೆಯ ಲಿದೆ ಎಂದು ನೋಂದಣಿ ಅಧಿಕಾರಿ ಹಾಗೂ ಜಿಲ್ಲಾ ವಕ್ಫ್ ಅಧಿಕಾರಿ ತಿಳಿಸಿದ್ದಾರೆ. ಜ.31 ರವರೆಗೆ ಬೆಳಿಗ್ಗೆ 10.30 ರಿಂದ ಮಧ್ಯಾಹ್ನ 01.30 ಹಾಗೂ ಮಧ್ಯಾಹ್ನ 02.30 ರಿಂದ ಸಂಜೆ 04.30 ರ ಅವಧಿಯಲ್ಲಿ ಸದಸ್ಯರ ನೋಂದಣಿಗಾಗಿ ಅರ್ಜಿ ನಮೂನೆಗಳನ್ನು ವಿತರಿಸಲಾಗುತ್ತದೆ. ಭರ್ತಿ ಮಾಡಿದ ಅರ್ಜಿ ನಮೂನೆಗಳೊಂದಿಗೆ 3 ಇತ್ತೀಚಿನ ಭಾವಚಿತ್ರಗಳು ಹಾಗೂ ರೂ. 600 ಶುಲ್ಕ ಪಾವತಿಸಿ ಫೆಬ್ರವರಿ 02 ರಿಂದ 09 ರವರೆಗೆ ಬೆಳಿಗ್ಗೆ 10.30 ರಿಂದ ಮಧ್ಯಾಹ್ನ 04.30 ರವರೆಗೆ ಬೆಳಿಗ್ಗೆ ವಕ್ಫ್ ಕಛೇರಿಯಲ್ಲಿ ಸಲ್ಲಿಸಬಹುದಾಗಿದೆ.
ಇಂದು ನವೋದಯ ವಿದ್ಯಾಲಯ ಪ್ರವೇಶ ಪರೀಕ್ಷೆ
ಕೊಪ್ಪಳ : ಜವಾಹರ ನವೋದಯ ವಿದ್ಯಾಲಯದಲ್ಲಿ 2026–27ನೇ ಸಾಲಿನಲ್ಲಿ 9ನೇ ಮತ್ತು 11ನೇ ತರಗತಿಯ ಪ್ರವೇಶಕ್ಕಾಗಿ ಫೆ.7 ರಂದು ಈಗಾಗಲೇ ನಿಗದಿಪಡಿಸಿದ ಪರೀಕ್ಷಾ ಕೇಂದ್ರಗಳಲ್ಲಿ ಪ್ರವೇಶ ಪರೀಕ್ಷೆ ನಡೆಯಲಿದೆ. 9ನೇ ತರಗತಿ ಪ್ರವೇಶಕ್ಕಾಗಿ ರೋಲ್ ನಂಬರ್ 159219 ರಿಂದ 159732 ರವರೆಗೆ ಕುಕನೂರಿನ ಪಿ.ಎಂ. ಶ್ರೀ ಜವಾಹರ ನವೋದಯ ವಿದ್ಯಾಲಯದಲ್ಲಿ ಪ್ರವೇಶ ಪರೀಕ್ಷೆ ನಡೆಯಲಿದೆ. 11ನೇ ತರಗತಿ ಪ್ರವೇಶಕ್ಕಾಗಿ ರೋಲ್ ನಂಬರ್ 146981 ರಿಂದ 147268 ರವರೆಗೆ ಕುಕನೂರಿನ ಎಸ್.ಎಸ್.ಎ. ಹೈಸ್ಕೂಲಿನಲ್ಲಿ ಹಾಗೂ ರೋಲ್ ನಂಬರ್ 147269 ರಿಂದ 147483 ರವರೆಗೆ ಕುಕನೂರಿನ ವಿದ್ಯಾನಂದ ಗುರುಕುಲ (ಹೈಸ್ಕೂಲ್ ವಿಭಾಗ) ದಲ್ಲಿ ಪ್ರವೇಶ ಪರೀಕ್ಷೆ ನಡೆಯಲಿದೆ. ಈಗಾಗಲೇ ಆನ್‌ಲೈನ್‌ನಲ್ಲಿ ಅರ್ಜಿಯನ್ನು ಸಲ್ಲಿಸಿದ ವಿದ್ಯಾರ್ಥಿಗಳು ಹಾಲ್ ಟಿಕೆಟ್ ಡೌನ್‌ಲೋಡ್ ಮಾಡಿಕೊಂಡು ಫೆಬ್ರವರಿ 7 ರಂದು ನಿಗದಿಪಡಿಸಿದ ಪರೀಕ್ಷಾ ಕೇಂದ್ರಗಳಲ್ಲಿ ಹಾಜರಾಗಬೇಕು ಎಂದು ನವೋದಯ ವಿದ್ಯಾಲಯದ ಪ್ರಾಚಾರ್ಯರು ಪ್ರಕಟಣೆಯಲ್ಲಿ ತಿಳಿಸಿದ್ದಾರೆ.
OWNER , PUBLISHER & PRINTER K. M. REKHA PUBLISHED AT HOSPET TIMES, APOORVA OFFSET PRINTERS , SACHIDANAND LANE , MAIN BAZAR , HOSAPETE , BALLARI & PRINTED AT APOORVA OFFSET PRINTERS ,
SACHIDANAND LANE , MAIN BAZAR , HOSAPETE , BALLARI , EDITOR K. M. REKHA. EMAIL : hospettimes@gmail.com, Mob No 94484 41484.
